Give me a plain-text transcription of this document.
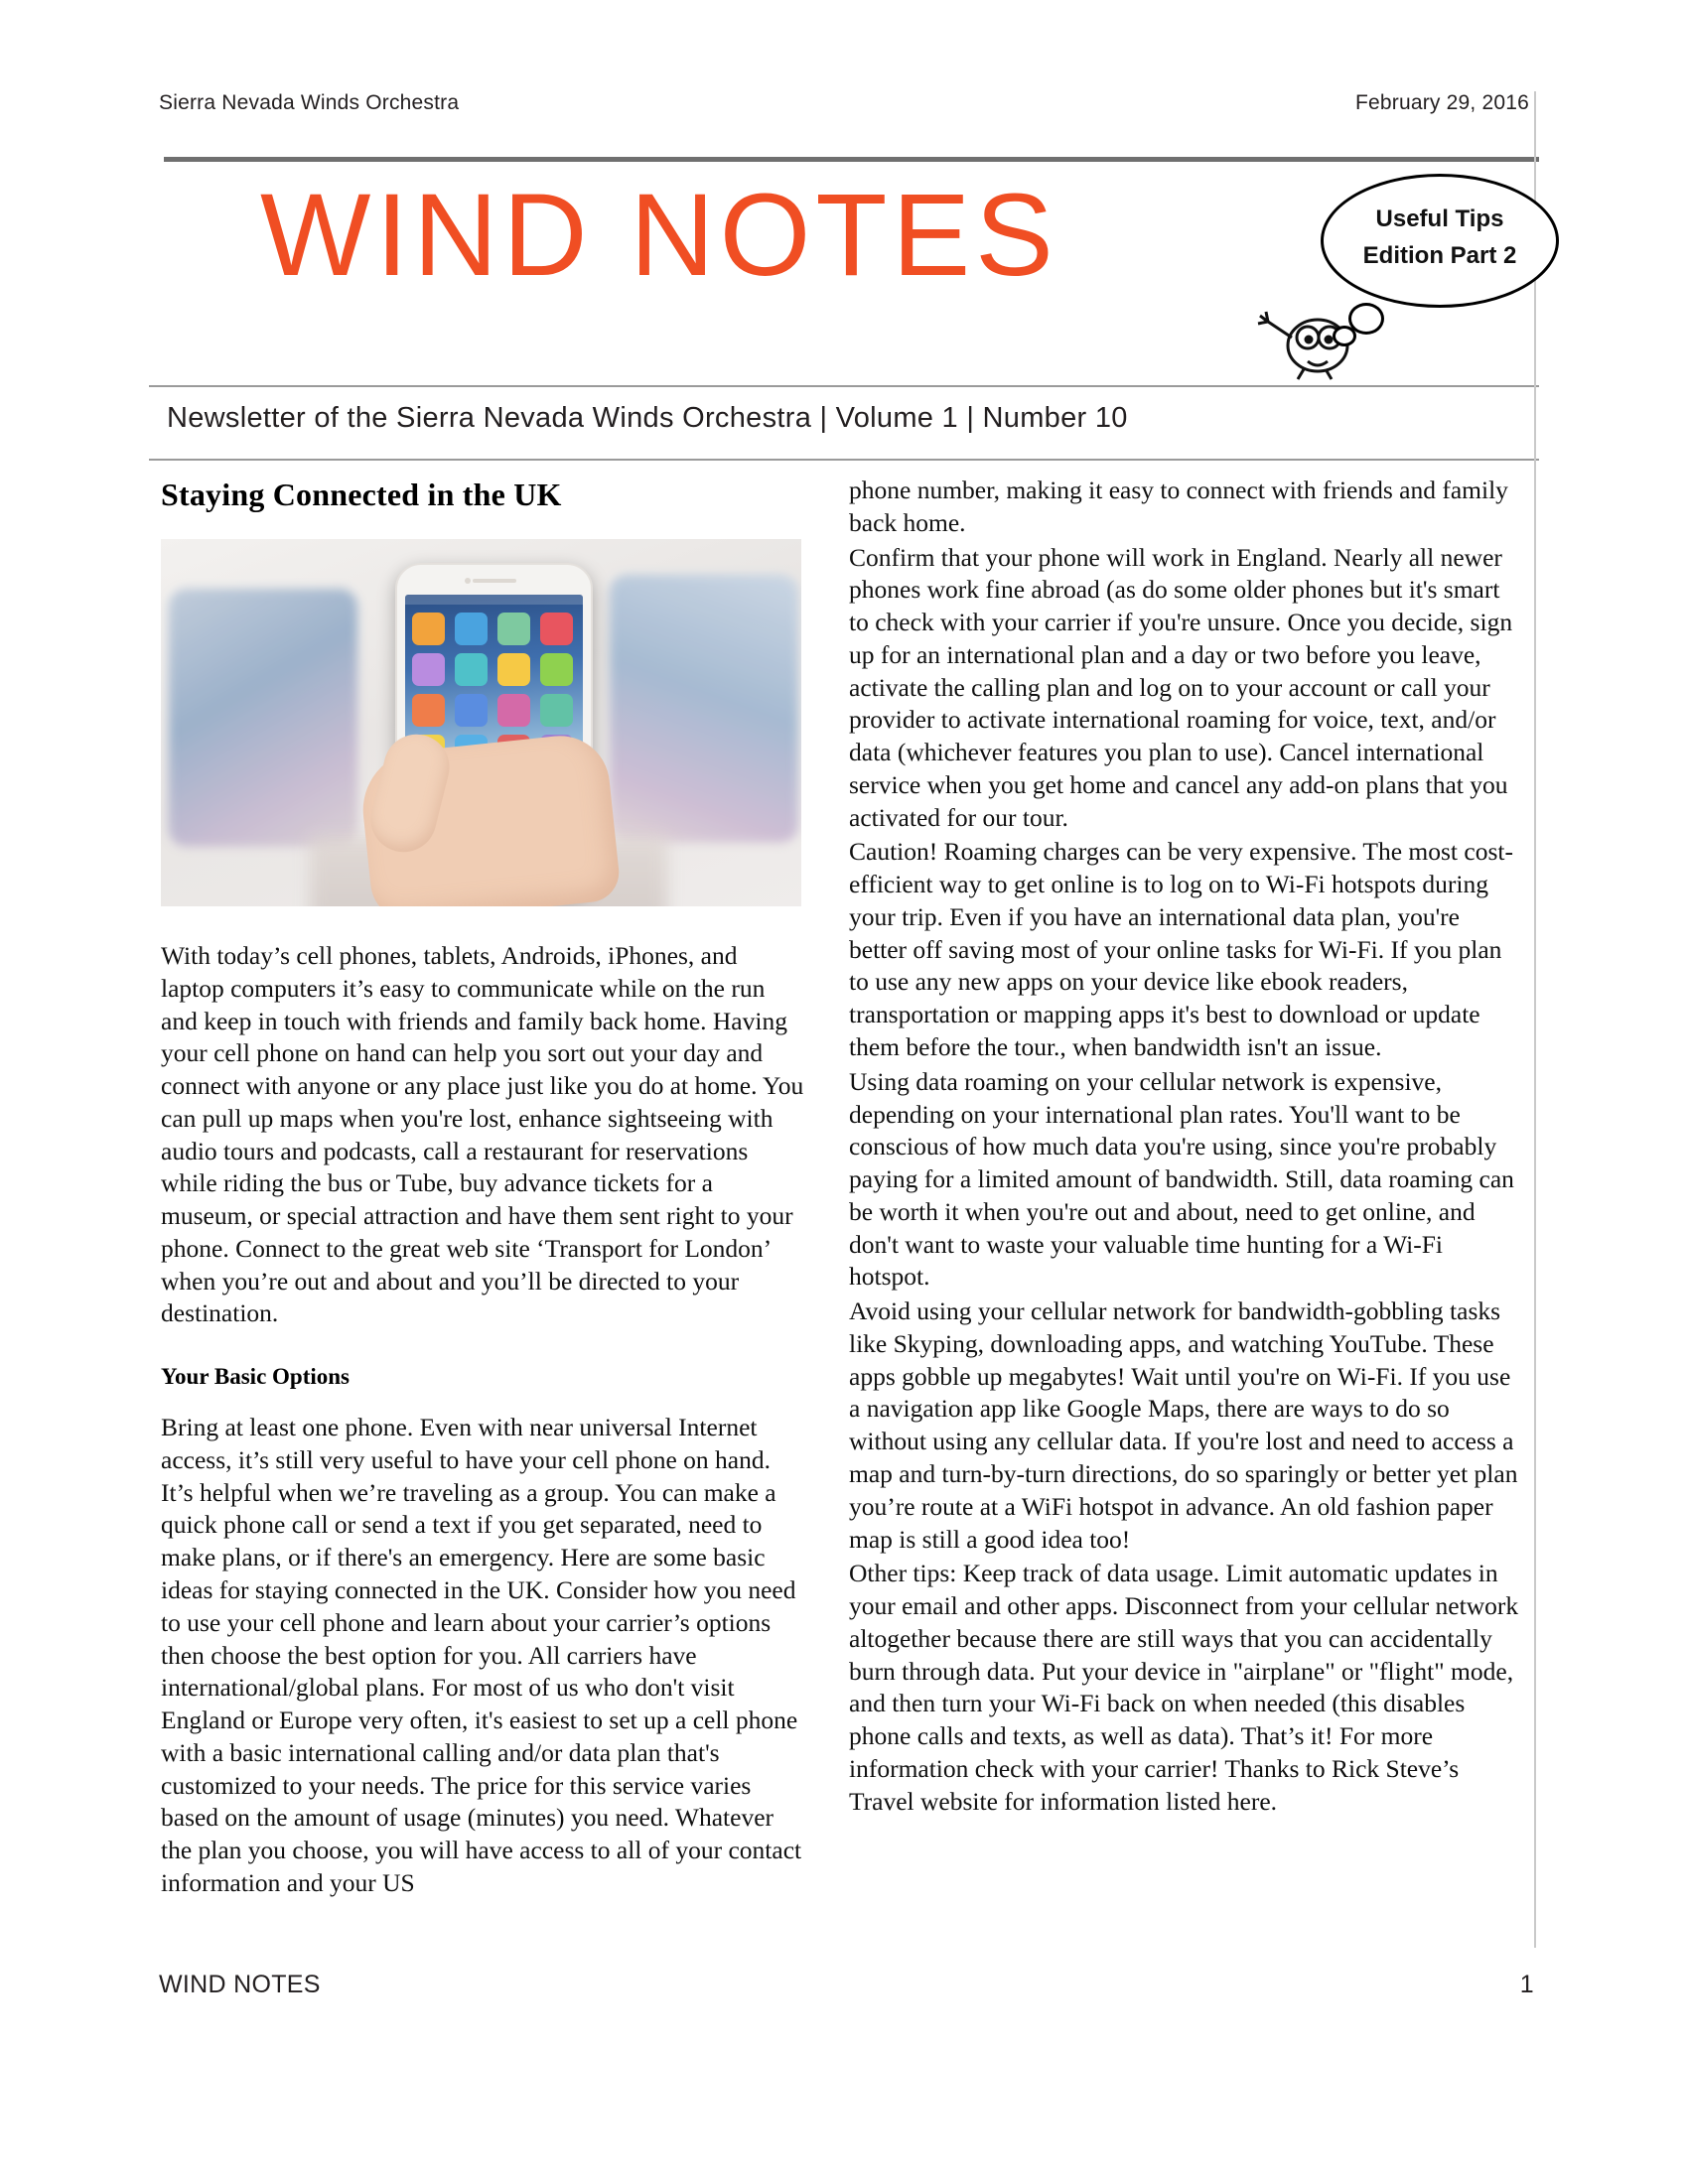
Sierra Nevada Winds Orchestra	February 29, 2016
WIND NOTES	Useful Tips
Edition Part 2
Newsletter of the Sierra Nevada Winds Orchestra | Volume 1 | Number 10
Staying Connected in the UK

With today’s cell phones, tablets, Androids, iPhones, and laptop computers it’s easy to communicate while on the run and keep in touch with friends and family back home. Having your cell phone on hand can help you sort out your day and connect with anyone or any place just like you do at home. You can pull up maps when you're lost, enhance sightseeing with audio tours and podcasts, call a restaurant for reservations while riding the bus or Tube, buy advance tickets for a museum, or special attraction and have them sent right to your phone. Connect to the great web site ‘Transport for London’ when you’re out and about and you’ll be directed to your destination.

Your Basic Options

Bring at least one phone. Even with near universal Internet access, it’s still very useful to have your cell phone on hand. It’s helpful when we’re traveling as a group. You can make a quick phone call or send a text if you get separated, need to make plans, or if there's an emergency. Here are some basic ideas for staying connected in the UK. Consider how you need to use your cell phone and learn about your carrier’s options then choose the best option for you. All carriers have international/global plans. For most of us who don't visit England or Europe very often, it's easiest to set up a cell phone with a basic international calling and/or data plan that's customized to your needs. The price for this service varies based on the amount of usage (minutes) you need. Whatever the plan you choose, you will have access to all of your contact information and your US

phone number, making it easy to connect with friends and family back home.

Confirm that your phone will work in England. Nearly all newer phones work fine abroad (as do some older phones but it's smart to check with your carrier if you're unsure. Once you decide, sign up for an international plan and a day or two before you leave, activate the calling plan and log on to your account or call your provider to activate international roaming for voice, text, and/or data (whichever features you plan to use). Cancel international service when you get home and cancel any add-on plans that you activated for our tour.

Caution! Roaming charges can be very expensive. The most cost-efficient way to get online is to log on to Wi-Fi hotspots during your trip. Even if you have an international data plan, you're better off saving most of your online tasks for Wi-Fi. If you plan to use any new apps on your device like ebook readers, transportation or mapping apps it's best to download or update them before the tour., when bandwidth isn't an issue.

Using data roaming on your cellular network is expensive, depending on your international plan rates. You'll want to be conscious of how much data you're using, since you're probably paying for a limited amount of bandwidth. Still, data roaming can be worth it when you're out and about, need to get online, and don't want to waste your valuable time hunting for a Wi-Fi hotspot.

Avoid using your cellular network for bandwidth-gobbling tasks like Skyping, downloading apps, and watching YouTube. These apps gobble up megabytes! Wait until you're on Wi-Fi. If you use a navigation app like Google Maps, there are ways to do so without using any cellular data. If you're lost and need to access a map and turn-by-turn directions, do so sparingly or better yet plan you’re route at a WiFi hotspot in advance. An old fashion paper map is still a good idea too!

Other tips: Keep track of data usage. Limit automatic updates in your email and other apps. Disconnect from your cellular network altogether because there are still ways that you can accidentally burn through data. Put your device in "airplane" or "flight" mode, and then turn your Wi-Fi back on when needed (this disables phone calls and texts, as well as data). That’s it! For more information check with your carrier! Thanks to Rick Steve’s Travel website for information listed here.

WIND NOTES	1
